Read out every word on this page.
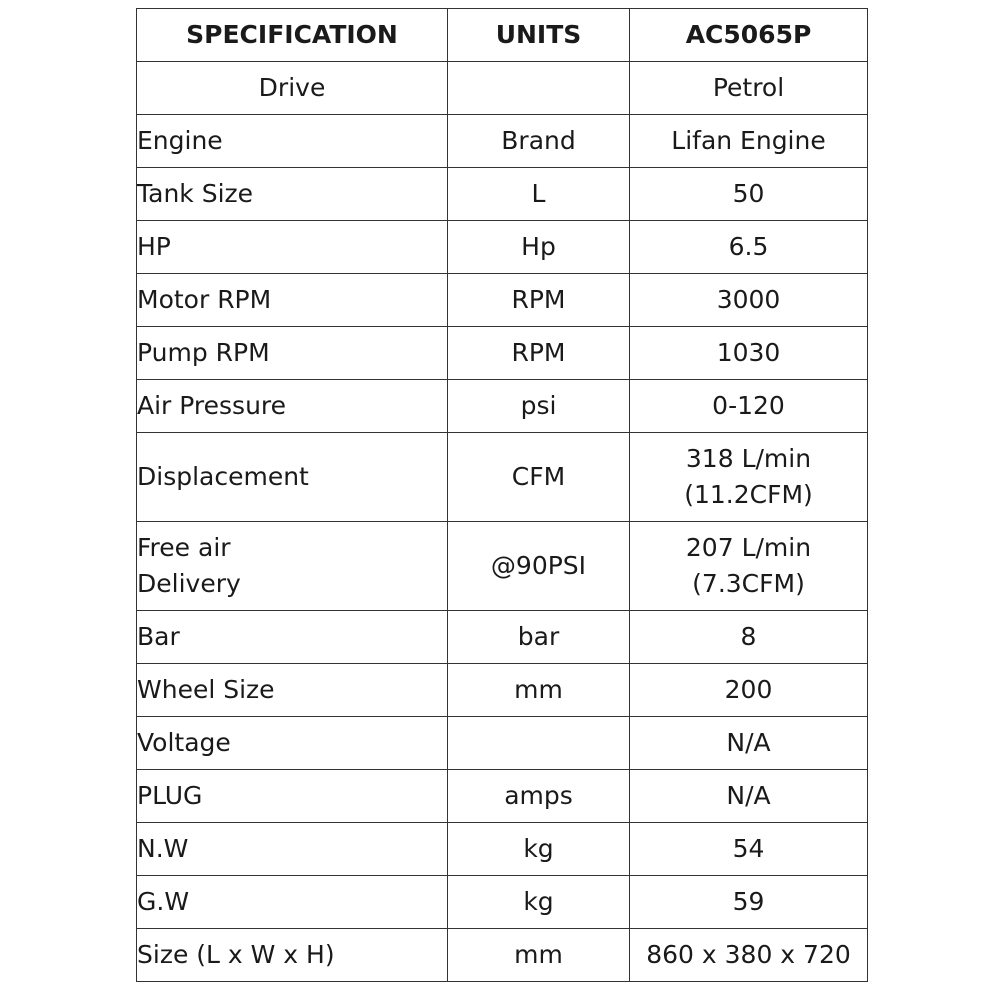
SPECIFICATION	UNITS	AC5065P
Drive		Petrol
Engine	Brand	Lifan Engine
Tank Size	L	50
HP	Hp	6.5
Motor RPM	RPM	3000
Pump RPM	RPM	1030
Air Pressure	psi	0-120
Displacement	CFM	318 L/min
(11.2CFM)

Free air
Delivery	@90PSI	207 L/min
(7.3CFM)

Bar	bar	8
Wheel Size	mm	200
Voltage		N/A
PLUG	amps	N/A
N.W	kg	54
G.W	kg	59
Size (L x W x H)	mm	860 x 380 x 720
